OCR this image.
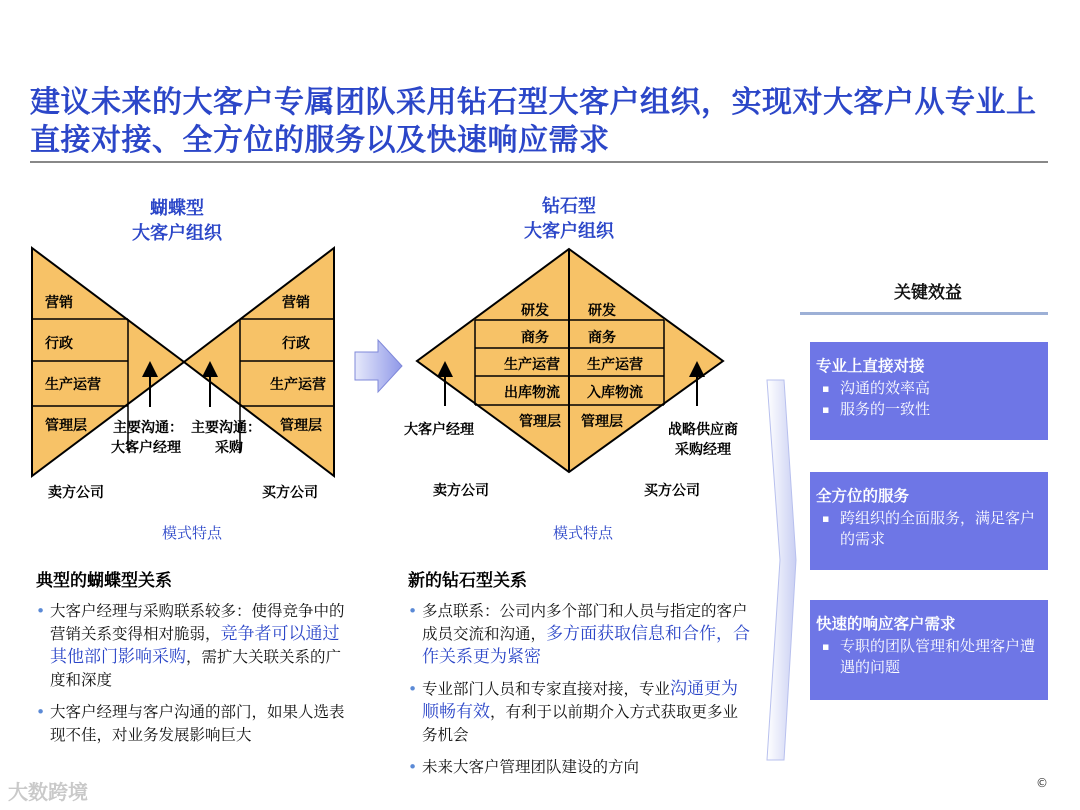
建议未来的大客户专属团队采用钻石型大客户组织，实现对大客户从专业上直接对接、全方位的服务以及快速响应需求
蝴蝶型
大客户组织
营销
行政
生产运营
管理层
营销
行政
生产运营
管理层
主要沟通：
大客户经理
主要沟通：
采购
卖方公司	买方公司
模式特点
钻石型
大客户组织
研发
商务
生产运营
出库物流
管理层
研发
商务
生产运营
入库物流
管理层
大客户经理	战略供应商
采购经理
卖方公司	买方公司
模式特点
典型的蝴蝶型关系
• 大客户经理与采购联系较多：使得竞争中的营销关系变得相对脆弱，竞争者可以通过其他部门影响采购，需扩大关联关系的广度和深度
• 大客户经理与客户沟通的部门，如果人选表现不佳，对业务发展影响巨大
新的钻石型关系
• 多点联系：公司内多个部门和人员与指定的客户成员交流和沟通，多方面获取信息和合作，合作关系更为紧密
• 专业部门人员和专家直接对接，专业沟通更为顺畅有效，有利于以前期介入方式获取更多业务机会
• 未来大客户管理团队建设的方向
关键效益
专业上直接对接
▪ 沟通的效率高
▪ 服务的一致性
全方位的服务
▪ 跨组织的全面服务，满足客户的需求
快速的响应客户需求
▪ 专职的团队管理和处理客户遭遇的问题
大数跨境	©
